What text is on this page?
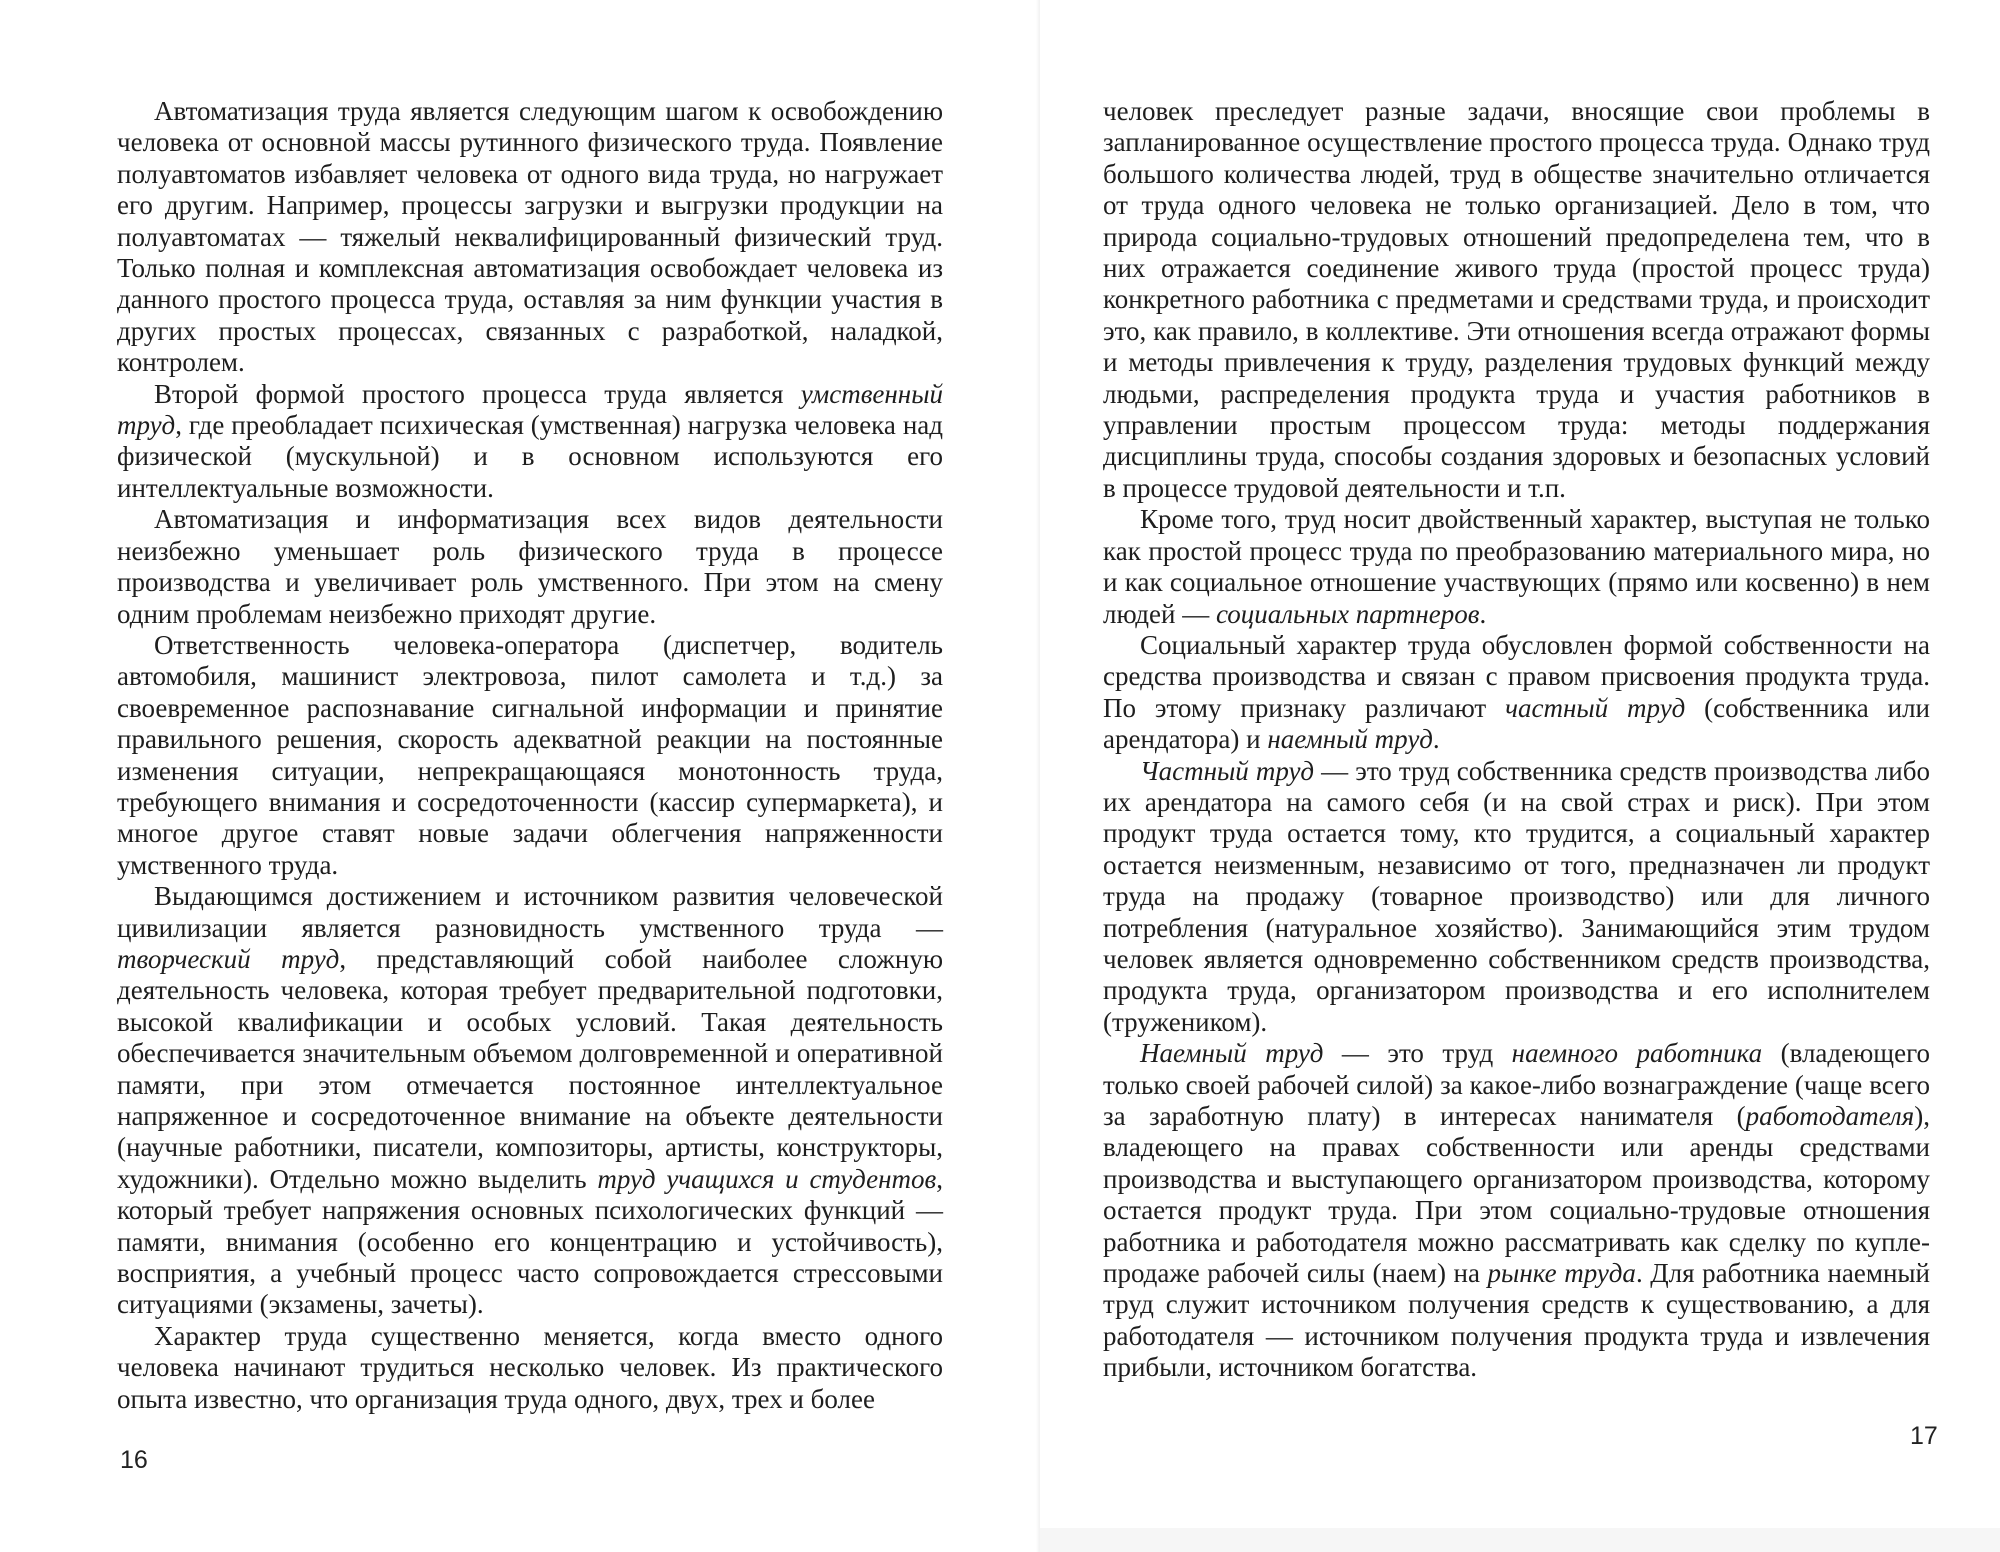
Автоматизация труда является следующим шагом к освобождению человека от основной массы рутинного физического труда. Появление полуавтоматов избавляет человека от одного вида труда, но нагружает его другим. Например, процессы загрузки и выгрузки продукции на полуавтоматах — тяжелый неквалифицированный физический труд. Только полная и комплексная автоматизация освобождает человека из данного простого процесса труда, оставляя за ним функции участия в других простых процессах, связанных с разработкой, наладкой, контролем.

Второй формой простого процесса труда является умственный труд, где преобладает психическая (умственная) нагрузка человека над физической (мускульной) и в основном используются его интеллектуальные возможности.

Автоматизация и информатизация всех видов деятельности неизбежно уменьшает роль физического труда в процессе производства и увеличивает роль умственного. При этом на смену одним проблемам неизбежно приходят другие.

Ответственность человека-оператора (диспетчер, водитель автомобиля, машинист электровоза, пилот самолета и т.д.) за своевременное распознавание сигнальной информации и принятие правильного решения, скорость адекватной реакции на постоянные изменения ситуации, непрекращающаяся монотонность труда, требующего внимания и сосредоточенности (кассир супермаркета), и многое другое ставят новые задачи облегчения напряженности умственного труда.

Выдающимся достижением и источником развития человеческой цивилизации является разновидность умственного труда — творческий труд, представляющий собой наиболее сложную деятельность человека, которая требует предварительной подготовки, высокой квалификации и особых условий. Такая деятельность обеспечивается значительным объемом долговременной и оперативной памяти, при этом отмечается постоянное интеллектуальное напряженное и сосредоточенное внимание на объекте деятельности (научные работники, писатели, композиторы, артисты, конструкторы, художники). Отдельно можно выделить труд учащихся и студентов, который требует напряжения основных психологических функций — памяти, внимания (особенно его концентрацию и устойчивость), восприятия, а учебный процесс часто сопровождается стрессовыми ситуациями (экзамены, зачеты).

Характер труда существенно меняется, когда вместо одного человека начинают трудиться несколько человек. Из практического опыта известно, что организация труда одного, двух, трех и более

16

человек преследует разные задачи, вносящие свои проблемы в запланированное осуществление простого процесса труда. Однако труд большого количества людей, труд в обществе значительно отличается от труда одного человека не только организацией. Дело в том, что природа социально-трудовых отношений предопределена тем, что в них отражается соединение живого труда (простой процесс труда) конкретного работника с предметами и средствами труда, и происходит это, как правило, в коллективе. Эти отношения всегда отражают формы и методы привлечения к труду, разделения трудовых функций между людьми, распределения продукта труда и участия работников в управлении простым процессом труда: методы поддержания дисциплины труда, способы создания здоровых и безопасных условий в процессе трудовой деятельности и т.п.

Кроме того, труд носит двойственный характер, выступая не только как простой процесс труда по преобразованию материального мира, но и как социальное отношение участвующих (прямо или косвенно) в нем людей — социальных партнеров.

Социальный характер труда обусловлен формой собственности на средства производства и связан с правом присвоения продукта труда. По этому признаку различают частный труд (собственника или арендатора) и наемный труд.

Частный труд — это труд собственника средств производства либо их арендатора на самого себя (и на свой страх и риск). При этом продукт труда остается тому, кто трудится, а социальный характер остается неизменным, независимо от того, предназначен ли продукт труда на продажу (товарное производство) или для личного потребления (натуральное хозяйство). Занимающийся этим трудом человек является одновременно собственником средств производства, продукта труда, организатором производства и его исполнителем (тружеником).

Наемный труд — это труд наемного работника (владеющего только своей рабочей силой) за какое-либо вознаграждение (чаще всего за заработную плату) в интересах нанимателя (работодателя), владеющего на правах собственности или аренды средствами производства и выступающего организатором производства, которому остается продукт труда. При этом социально-трудовые отношения работника и работодателя можно рассматривать как сделку по купле-продаже рабочей силы (наем) на рынке труда. Для работника наемный труд служит источником получения средств к существованию, а для работодателя — источником получения продукта труда и извлечения прибыли, источником богатства.

17
